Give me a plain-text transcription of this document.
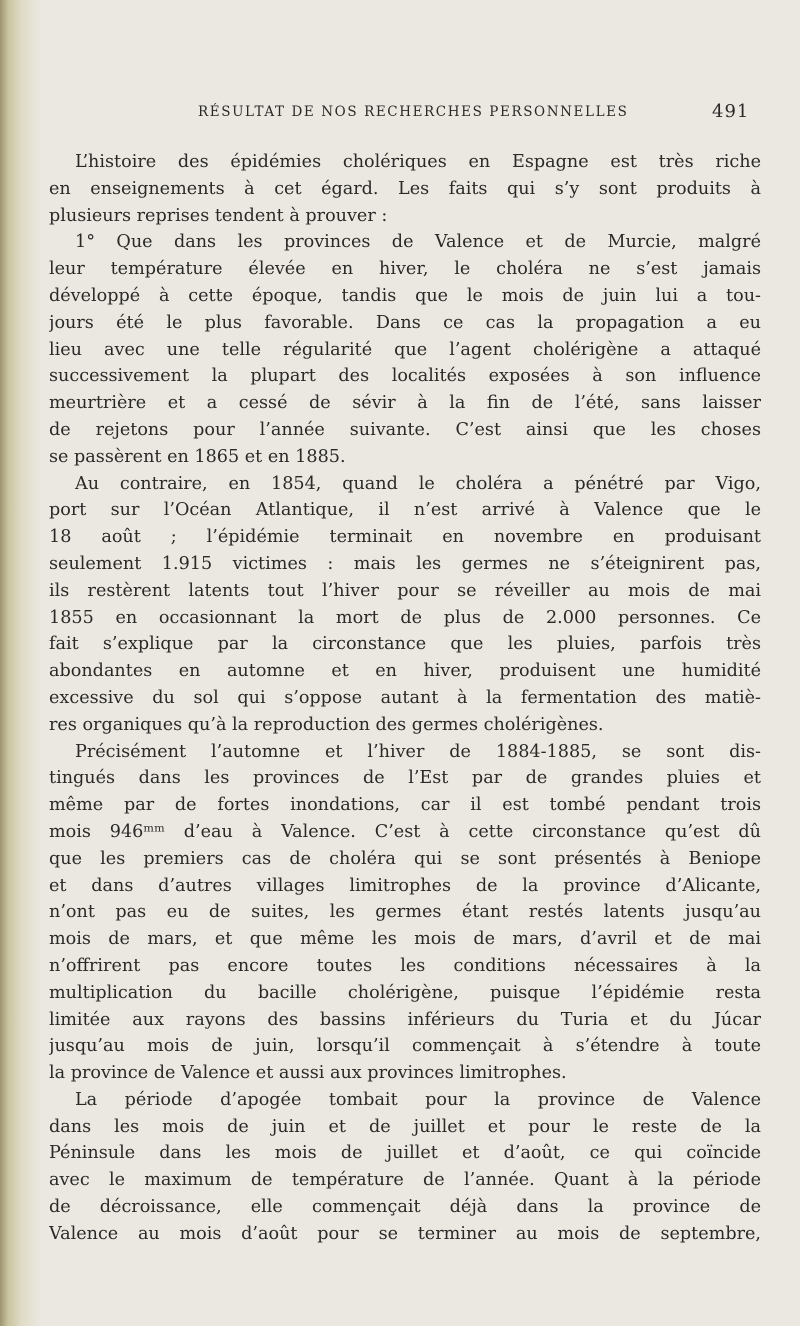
RÉSULTAT DE NOS RECHERCHES PERSONNELLES	491
L’histoire des épidémies cholériques en Espagne est très riche
en enseignements à cet égard. Les faits qui s’y sont produits à
plusieurs reprises tendent à prouver :
1° Que dans les provinces de Valence et de Murcie, malgré
leur température élevée en hiver, le choléra ne s’est jamais
développé à cette époque, tandis que le mois de juin lui a tou-
jours été le plus favorable. Dans ce cas la propagation a eu
lieu avec une telle régularité que l’agent cholérigène a attaqué
successivement la plupart des localités exposées à son influence
meurtrière et a cessé de sévir à la fin de l’été, sans laisser
de rejetons pour l’année suivante. C’est ainsi que les choses
se passèrent en 1865 et en 1885.
Au contraire, en 1854, quand le choléra a pénétré par Vigo,
port sur l’Océan Atlantique, il n’est arrivé à Valence que le
18 août ; l’épidémie terminait en novembre en produisant
seulement 1.915 victimes : mais les germes ne s’éteignirent pas,
ils restèrent latents tout l’hiver pour se réveiller au mois de mai
1855 en occasionnant la mort de plus de 2.000 personnes. Ce
fait s’explique par la circonstance que les pluies, parfois très
abondantes en automne et en hiver, produisent une humidité
excessive du sol qui s’oppose autant à la fermentation des matiè-
res organiques qu’à la reproduction des germes cholérigènes.
Précisément l’automne et l’hiver de 1884-1885, se sont dis-
tingués dans les provinces de l’Est par de grandes pluies et
même par de fortes inondations, car il est tombé pendant trois
mois 946ᵐᵐ d’eau à Valence. C’est à cette circonstance qu’est dû
que les premiers cas de choléra qui se sont présentés à Beniope
et dans d’autres villages limitrophes de la province d’Alicante,
n’ont pas eu de suites, les germes étant restés latents jusqu’au
mois de mars, et que même les mois de mars, d’avril et de mai
n’offrirent pas encore toutes les conditions nécessaires à la
multiplication du bacille cholérigène, puisque l’épidémie resta
limitée aux rayons des bassins inférieurs du Turia et du Júcar
jusqu’au mois de juin, lorsqu’il commençait à s’étendre à toute
la province de Valence et aussi aux provinces limitrophes.
La période d’apogée tombait pour la province de Valence
dans les mois de juin et de juillet et pour le reste de la
Péninsule dans les mois de juillet et d’août, ce qui coïncide
avec le maximum de température de l’année. Quant à la période
de décroissance, elle commençait déjà dans la province de
Valence au mois d’août pour se terminer au mois de septembre,
